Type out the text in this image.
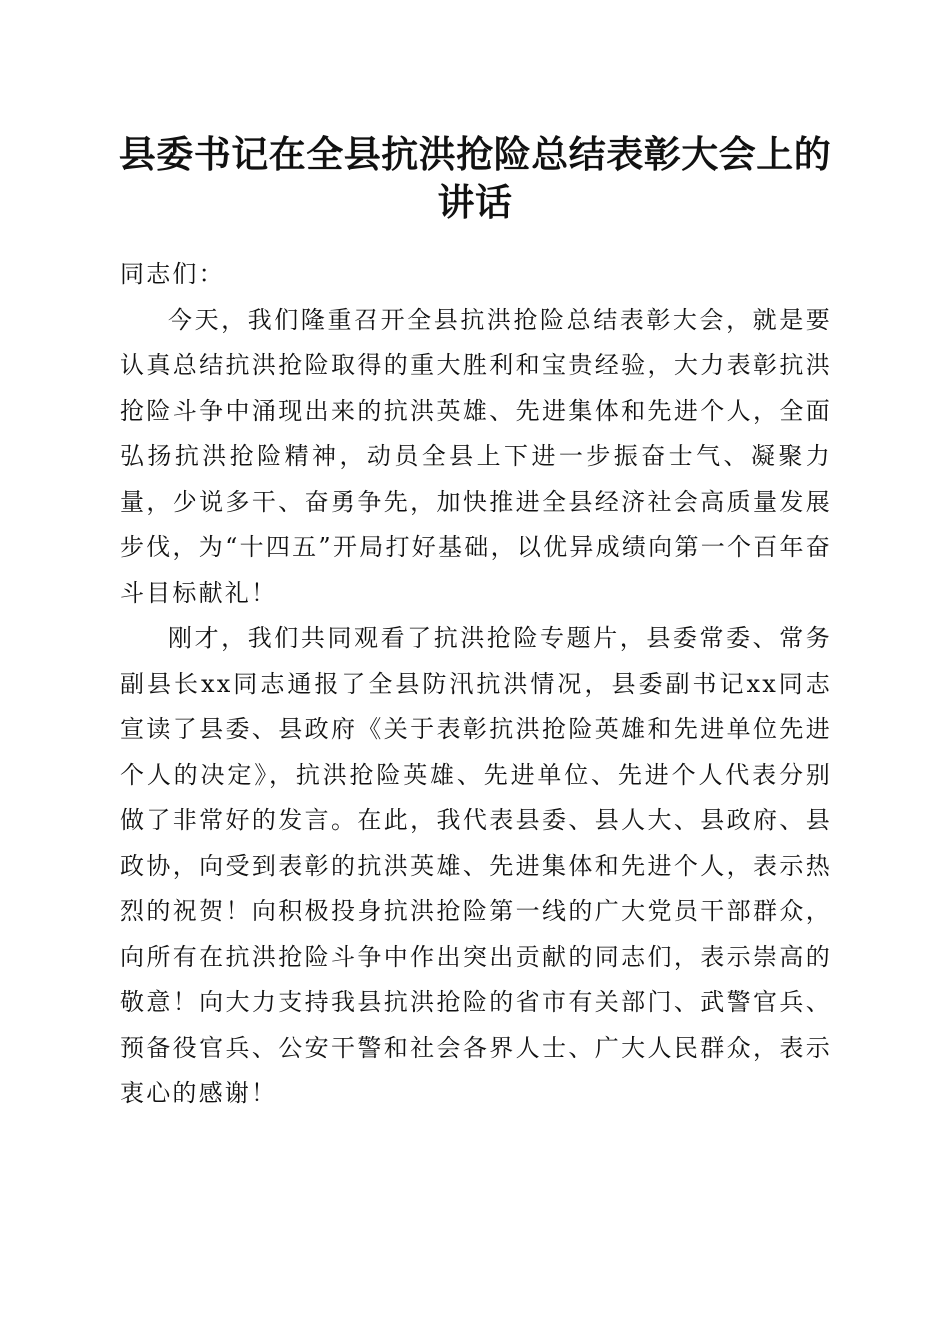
县委书记在全县抗洪抢险总结表彰大会上的讲话

同志们：

今天，我们隆重召开全县抗洪抢险总结表彰大会，就是要认真总结抗洪抢险取得的重大胜利和宝贵经验，大力表彰抗洪抢险斗争中涌现出来的抗洪英雄、先进集体和先进个人，全面弘扬抗洪抢险精神，动员全县上下进一步振奋士气、凝聚力量，少说多干、奋勇争先，加快推进全县经济社会高质量发展步伐，为“十四五”开局打好基础，以优异成绩向第一个百年奋斗目标献礼！

刚才，我们共同观看了抗洪抢险专题片，县委常委、常务副县长xx同志通报了全县防汛抗洪情况，县委副书记xx同志宣读了县委、县政府《关于表彰抗洪抢险英雄和先进单位先进个人的决定》，抗洪抢险英雄、先进单位、先进个人代表分别做了非常好的发言。在此，我代表县委、县人大、县政府、县政协，向受到表彰的抗洪英雄、先进集体和先进个人，表示热烈的祝贺！向积极投身抗洪抢险第一线的广大党员干部群众，向所有在抗洪抢险斗争中作出突出贡献的同志们，表示崇高的敬意！向大力支持我县抗洪抢险的省市有关部门、武警官兵、预备役官兵、公安干警和社会各界人士、广大人民群众，表示衷心的感谢！
